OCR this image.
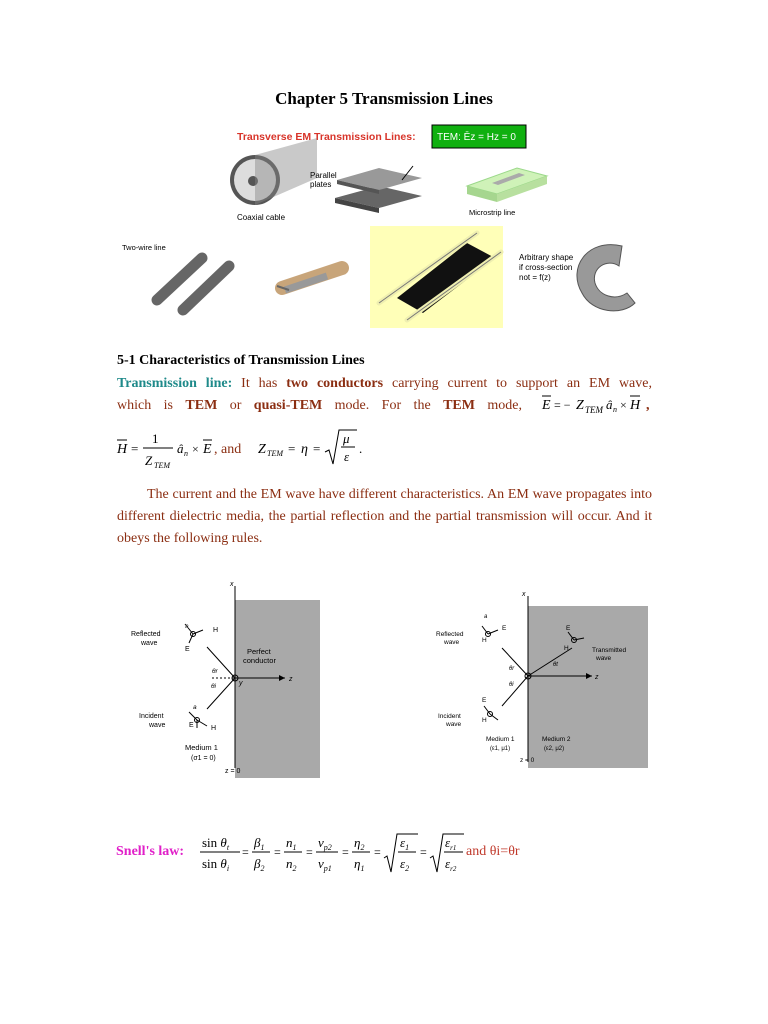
Chapter 5 Transmission Lines
Transverse EM Transmission Lines: TEM: Ēz = Hz = 0
Coaxial cable
Parallel plates
Microstrip line
Two-wire line
Arbitrary shape if cross-section not = f(z)
5-1 Characteristics of Transmission Lines
Transmission line: It has two conductors carrying current to support an EM wave,
which is TEM or quasi-TEM mode. For the TEM mode,	E = − Z TEM â n × H ,
H =
1
Z TEM
â n × E , and Z TEM = η =
μ
ε
.
The current and the EM wave have different characteristics. An EM wave propagates into different dielectric media, the partial reflection and the partial transmission will occur. And it obeys the following rules.
x
z
y
a
H
E
θr
θi
a
E H
Reflected wave
Perfect conductor
Incident wave
Medium 1
(σ1 = 0)
z = 0
x
z
a
E
H
E
H
θt
θr
θi
E
H
Reflected wave
Transmitted wave
Incident wave
Medium 1
(ε1, μ1)
Medium 2
(ε2, μ2)
z = 0
Snell's law:
$\sin \theta_t$
$\sin \theta_i$
=
$\beta_1$
$\beta_2$
=
$n_1$
$n_2$
=
$v_{p2}$
$v_{p1}$
=
$\eta_2$
$\eta_1$
=
$\varepsilon_1$
$\varepsilon_2$
=
$\varepsilon_{r1}$
$\varepsilon_{r2}$
and θi=θr
